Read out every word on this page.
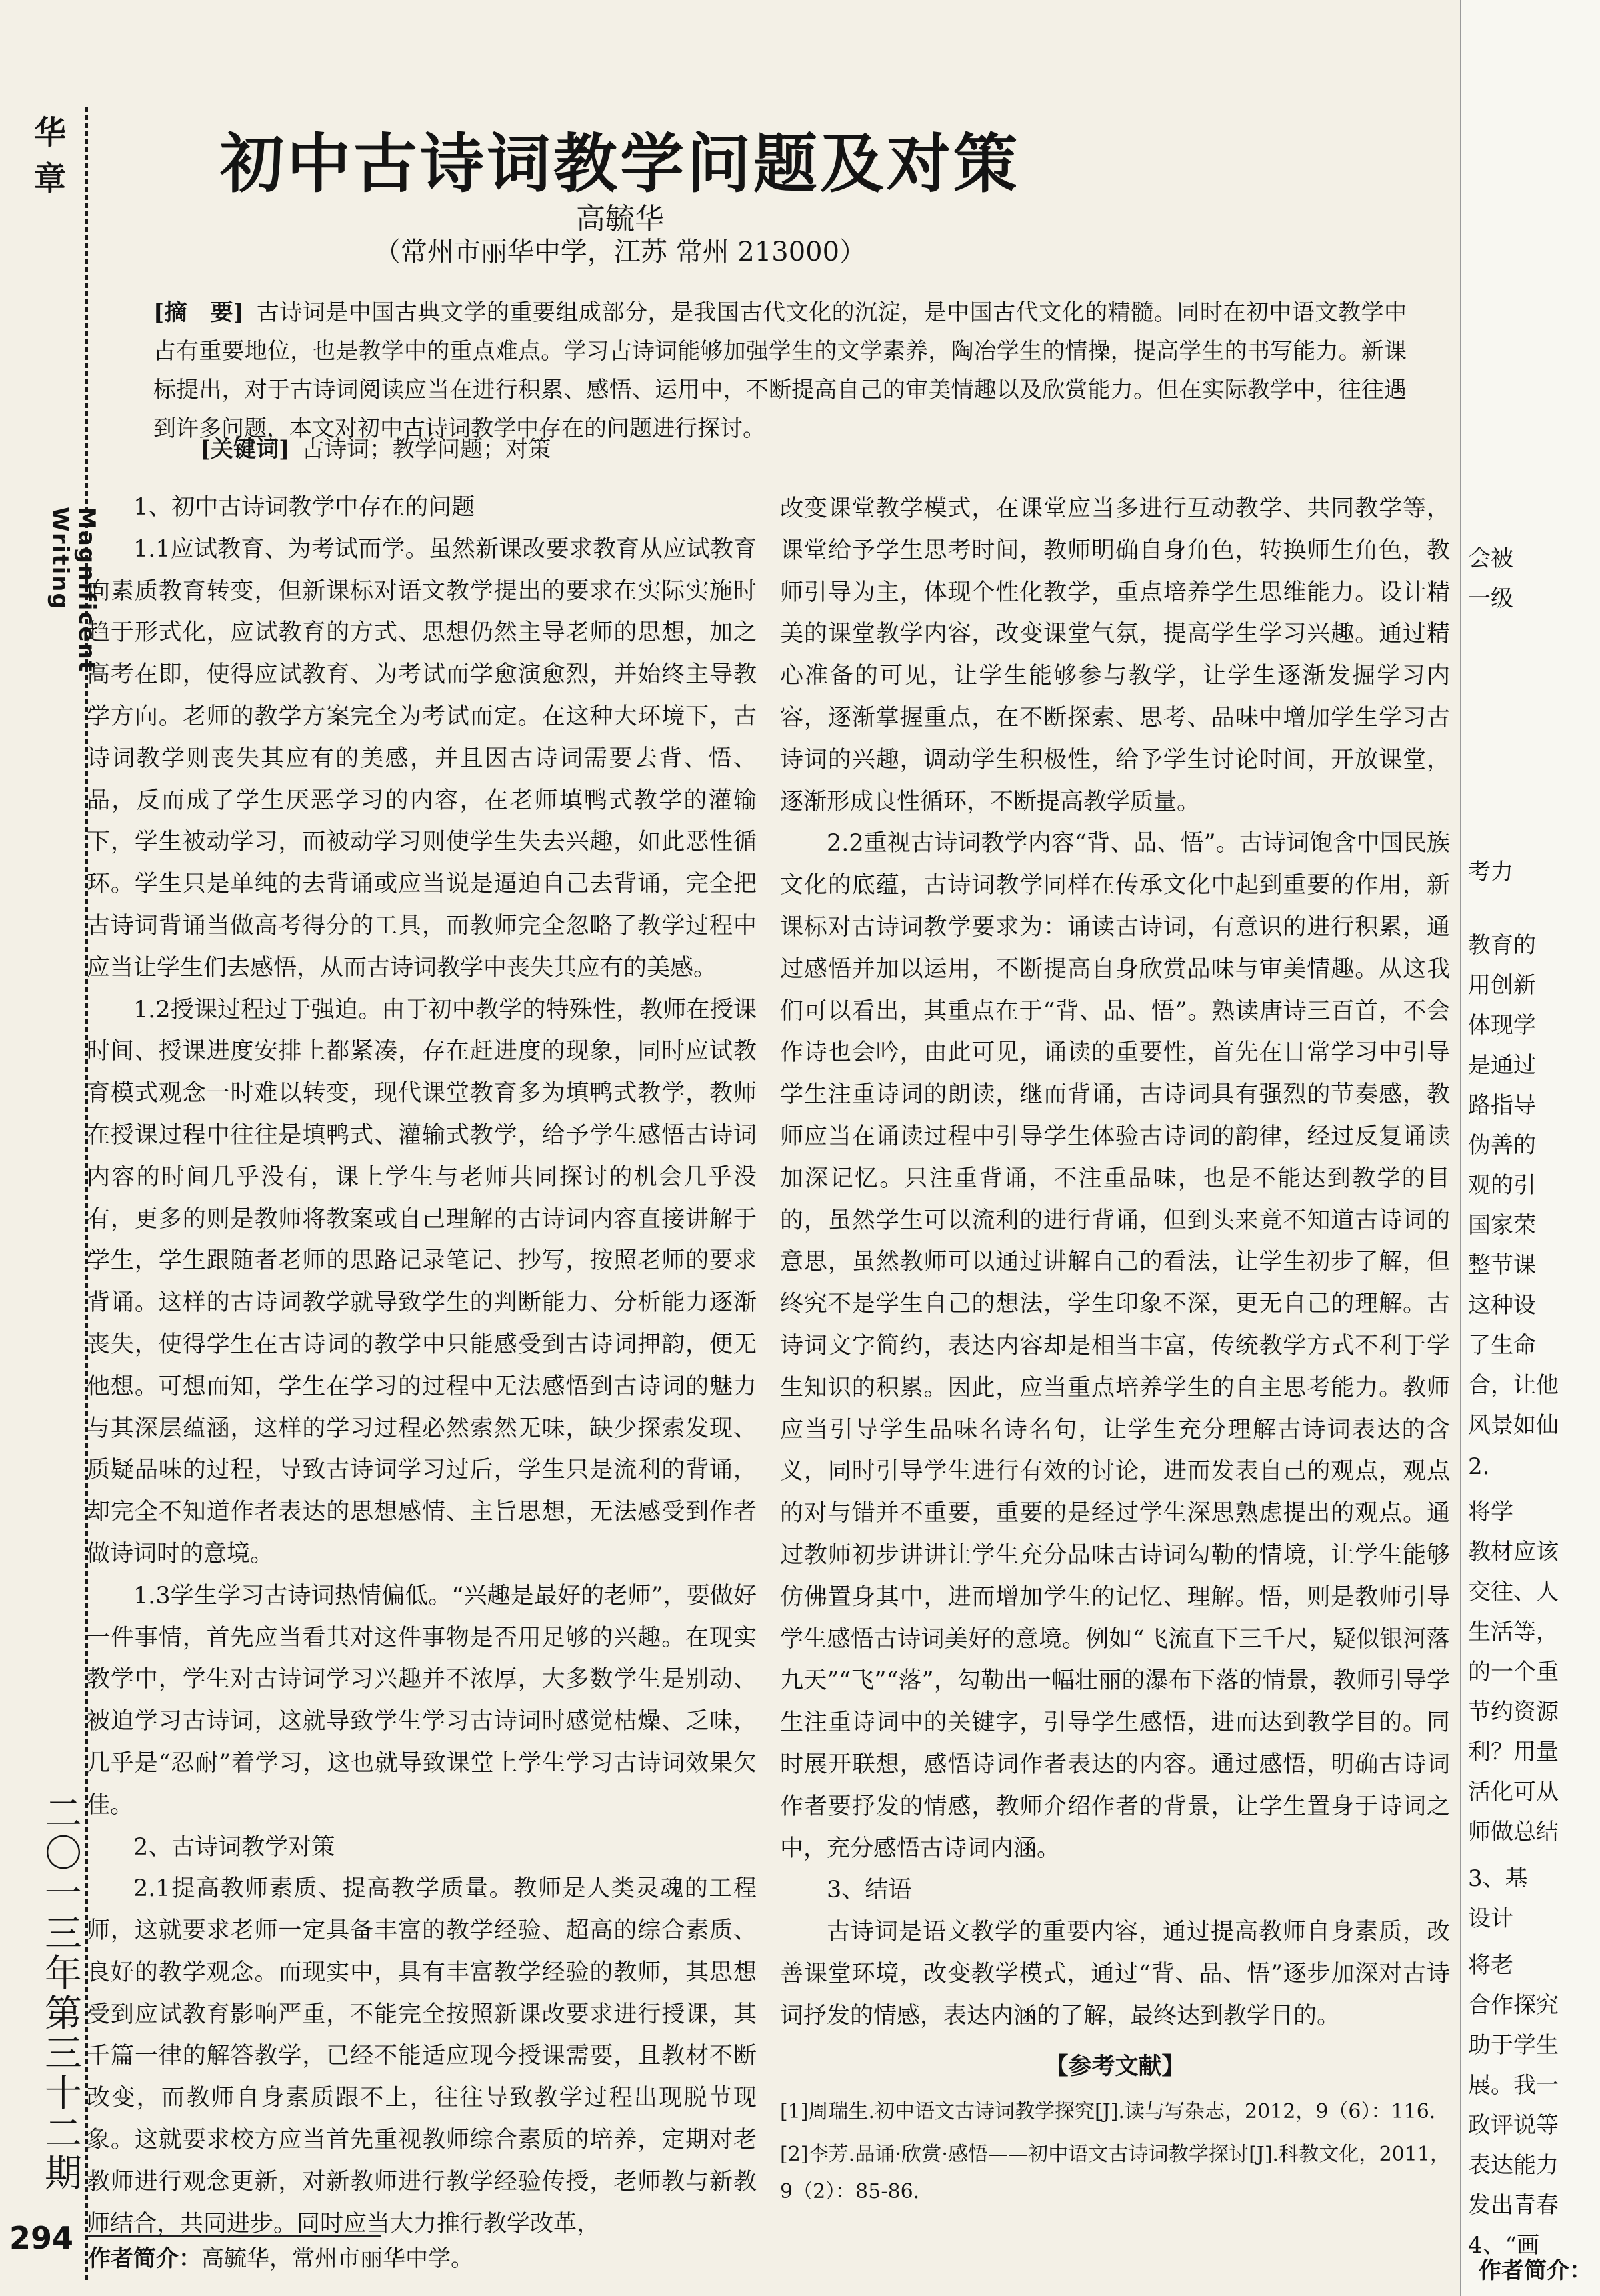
华 章
Magnificent Writing
二〇一三年第三十二期
294
初中古诗词教学问题及对策
高毓华
（常州市丽华中学，江苏 常州 213000）
[摘　要] 古诗词是中国古典文学的重要组成部分，是我国古代文化的沉淀，是中国古代文化的精髓。同时在初中语文教学中占有重要地位，也是教学中的重点难点。学习古诗词能够加强学生的文学素养，陶冶学生的情操，提高学生的书写能力。新课标提出，对于古诗词阅读应当在进行积累、感悟、运用中，不断提高自己的审美情趣以及欣赏能力。但在实际教学中，往往遇到许多问题，本文对初中古诗词教学中存在的问题进行探讨。
[关键词] 古诗词；教学问题；对策

1、初中古诗词教学中存在的问题

1.1应试教育、为考试而学。虽然新课改要求教育从应试教育向素质教育转变，但新课标对语文教学提出的要求在实际实施时趋于形式化，应试教育的方式、思想仍然主导老师的思想，加之高考在即，使得应试教育、为考试而学愈演愈烈，并始终主导教学方向。老师的教学方案完全为考试而定。在这种大环境下，古诗词教学则丧失其应有的美感，并且因古诗词需要去背、悟、品，反而成了学生厌恶学习的内容，在老师填鸭式教学的灌输下，学生被动学习，而被动学习则使学生失去兴趣，如此恶性循环。学生只是单纯的去背诵或应当说是逼迫自己去背诵，完全把古诗词背诵当做高考得分的工具，而教师完全忽略了教学过程中应当让学生们去感悟，从而古诗词教学中丧失其应有的美感。

1.2授课过程过于强迫。由于初中教学的特殊性，教师在授课时间、授课进度安排上都紧凑，存在赶进度的现象，同时应试教育模式观念一时难以转变，现代课堂教育多为填鸭式教学，教师在授课过程中往往是填鸭式、灌输式教学，给予学生感悟古诗词内容的时间几乎没有，课上学生与老师共同探讨的机会几乎没有，更多的则是教师将教案或自己理解的古诗词内容直接讲解于学生，学生跟随者老师的思路记录笔记、抄写，按照老师的要求背诵。这样的古诗词教学就导致学生的判断能力、分析能力逐渐丧失，使得学生在古诗词的教学中只能感受到古诗词押韵，便无他想。可想而知，学生在学习的过程中无法感悟到古诗词的魅力与其深层蕴涵，这样的学习过程必然索然无味，缺少探索发现、质疑品味的过程，导致古诗词学习过后，学生只是流利的背诵，却完全不知道作者表达的思想感情、主旨思想，无法感受到作者做诗词时的意境。

1.3学生学习古诗词热情偏低。“兴趣是最好的老师”，要做好一件事情，首先应当看其对这件事物是否用足够的兴趣。在现实教学中，学生对古诗词学习兴趣并不浓厚，大多数学生是别动、被迫学习古诗词，这就导致学生学习古诗词时感觉枯燥、乏味，几乎是“忍耐”着学习，这也就导致课堂上学生学习古诗词效果欠佳。

2、古诗词教学对策

2.1提高教师素质、提高教学质量。教师是人类灵魂的工程师，这就要求老师一定具备丰富的教学经验、超高的综合素质、良好的教学观念。而现实中，具有丰富教学经验的教师，其思想受到应试教育影响严重，不能完全按照新课改要求进行授课，其千篇一律的解答教学，已经不能适应现今授课需要，且教材不断改变，而教师自身素质跟不上，往往导致教学过程出现脱节现象。这就要求校方应当首先重视教师综合素质的培养，定期对老教师进行观念更新，对新教师进行教学经验传授，老师教与新教师结合，共同进步。同时应当大力推行教学改革，

改变课堂教学模式，在课堂应当多进行互动教学、共同教学等，课堂给予学生思考时间，教师明确自身角色，转换师生角色，教师引导为主，体现个性化教学，重点培养学生思维能力。设计精美的课堂教学内容，改变课堂气氛，提高学生学习兴趣。通过精心准备的可见，让学生能够参与教学，让学生逐渐发掘学习内容，逐渐掌握重点，在不断探索、思考、品味中增加学生学习古诗词的兴趣，调动学生积极性，给予学生讨论时间，开放课堂，逐渐形成良性循环，不断提高教学质量。

2.2重视古诗词教学内容“背、品、悟”。古诗词饱含中国民族文化的底蕴，古诗词教学同样在传承文化中起到重要的作用，新课标对古诗词教学要求为：诵读古诗词，有意识的进行积累，通过感悟并加以运用，不断提高自身欣赏品味与审美情趣。从这我们可以看出，其重点在于“背、品、悟”。熟读唐诗三百首，不会作诗也会吟，由此可见，诵读的重要性，首先在日常学习中引导学生注重诗词的朗读，继而背诵，古诗词具有强烈的节奏感，教师应当在诵读过程中引导学生体验古诗词的韵律，经过反复诵读加深记忆。只注重背诵，不注重品味，也是不能达到教学的目的，虽然学生可以流利的进行背诵，但到头来竟不知道古诗词的意思，虽然教师可以通过讲解自己的看法，让学生初步了解，但终究不是学生自己的想法，学生印象不深，更无自己的理解。古诗词文字简约，表达内容却是相当丰富，传统教学方式不利于学生知识的积累。因此，应当重点培养学生的自主思考能力。教师应当引导学生品味名诗名句，让学生充分理解古诗词表达的含义，同时引导学生进行有效的讨论，进而发表自己的观点，观点的对与错并不重要，重要的是经过学生深思熟虑提出的观点。通过教师初步讲讲让学生充分品味古诗词勾勒的情境，让学生能够仿佛置身其中，进而增加学生的记忆、理解。悟，则是教师引导学生感悟古诗词美好的意境。例如“飞流直下三千尺，疑似银河落九天”“飞”“落”，勾勒出一幅壮丽的瀑布下落的情景，教师引导学生注重诗词中的关键字，引导学生感悟，进而达到教学目的。同时展开联想，感悟诗词作者表达的内容。通过感悟，明确古诗词作者要抒发的情感，教师介绍作者的背景，让学生置身于诗词之中，充分感悟古诗词内涵。

3、结语

古诗词是语文教学的重要内容，通过提高教师自身素质，改善课堂环境，改变教学模式，通过“背、品、悟”逐步加深对古诗词抒发的情感，表达内涵的了解，最终达到教学目的。

【参考文献】

[1]周瑞生.初中语文古诗词教学探究[J].读与写杂志，2012，9（6）：116.

[2]李芳.品诵·欣赏·感悟——初中语文古诗词教学探讨[J].科教文化，2011，9（2）：85-86.

作者简介：高毓华，常州市丽华中学。
会被
一级
考力
教育的
用创新
体现学
是通过
路指导
伪善的
观的引
国家荣
整节课
这种设
了生命
合，让他
风景如仙
2.
将学
教材应该
交往、人
生活等，
的一个重
节约资源
利？用量
活化可从
师做总结
3、基
设计
将老
合作探究
助于学生
展。我一
政评说等
表达能力
发出青春
4、“画
作者简介：
